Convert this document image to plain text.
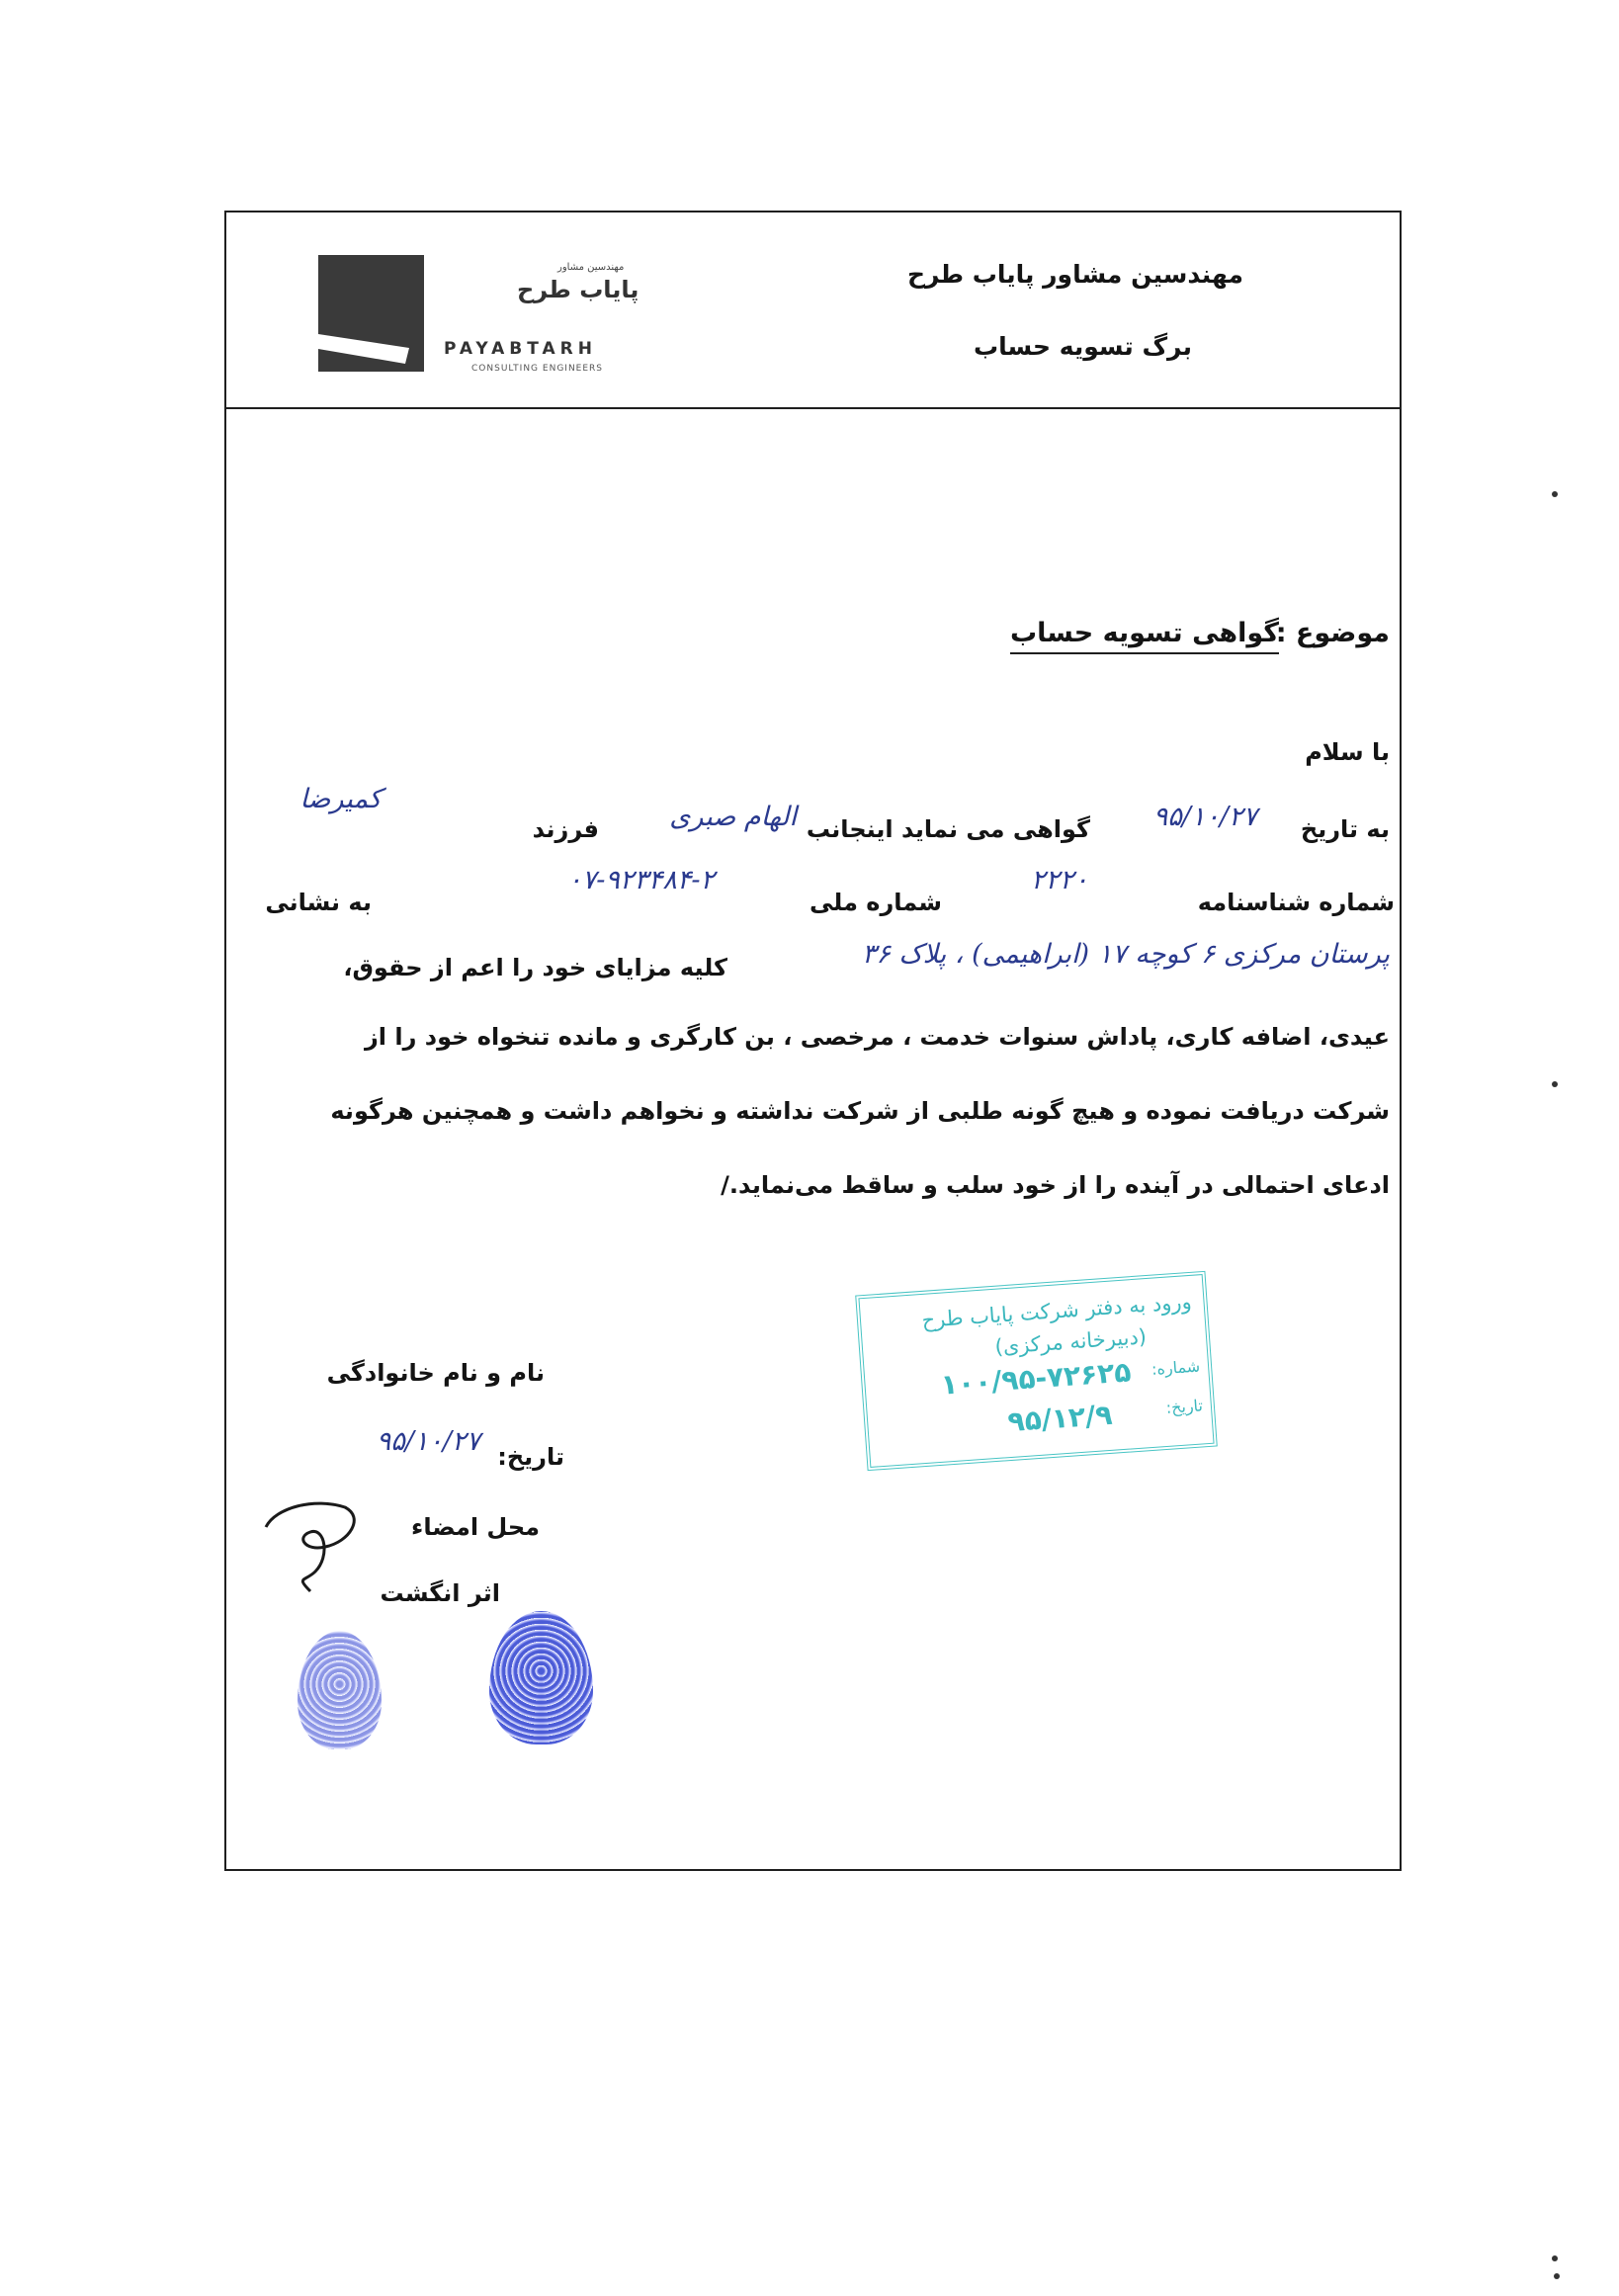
مهندسین مشاور
پایاب طرح
PAYABTARH
CONSULTING ENGINEERS
مهندسین مشاور پایاب طرح
برگ تسویه حساب
موضوع :
گواهی تسویه حساب
با سلام
به تاریخ
۹۵/۱۰/۲۷
گواهی می نماید اینجانب
الهام صبری
فرزند
کمیرضا
شماره شناسنامه
۲۲۲۰
شماره ملی
۰۷-۹۲۳۴۸۴-۲
به نشانی
پرستان مرکزی ۶ کوچه ۱۷ (ابراهیمی) ، پلاک ۳۶
کلیه مزایای خود را اعم از حقوق،
عیدی، اضافه کاری، پاداش سنوات خدمت ، مرخصی ، بن کارگری و مانده تنخواه خود را از
شرکت دریافت نموده و هیچ گونه طلبی از شرکت نداشته و نخواهم داشت و همچنین هرگونه
ادعای احتمالی در آینده را از خود سلب و ساقط می‌نماید./
نام و نام خانوادگی
تاریخ:
۹۵/۱۰/۲۷
محل امضاء
اثر انگشت
ورود به دفتر شرکت پایاب طرح
(دبیرخانه مرکزی)
شماره:
۱۰۰/۹۵-۷۲۶۲۵
تاریخ:
۹۵/۱۲/۹
